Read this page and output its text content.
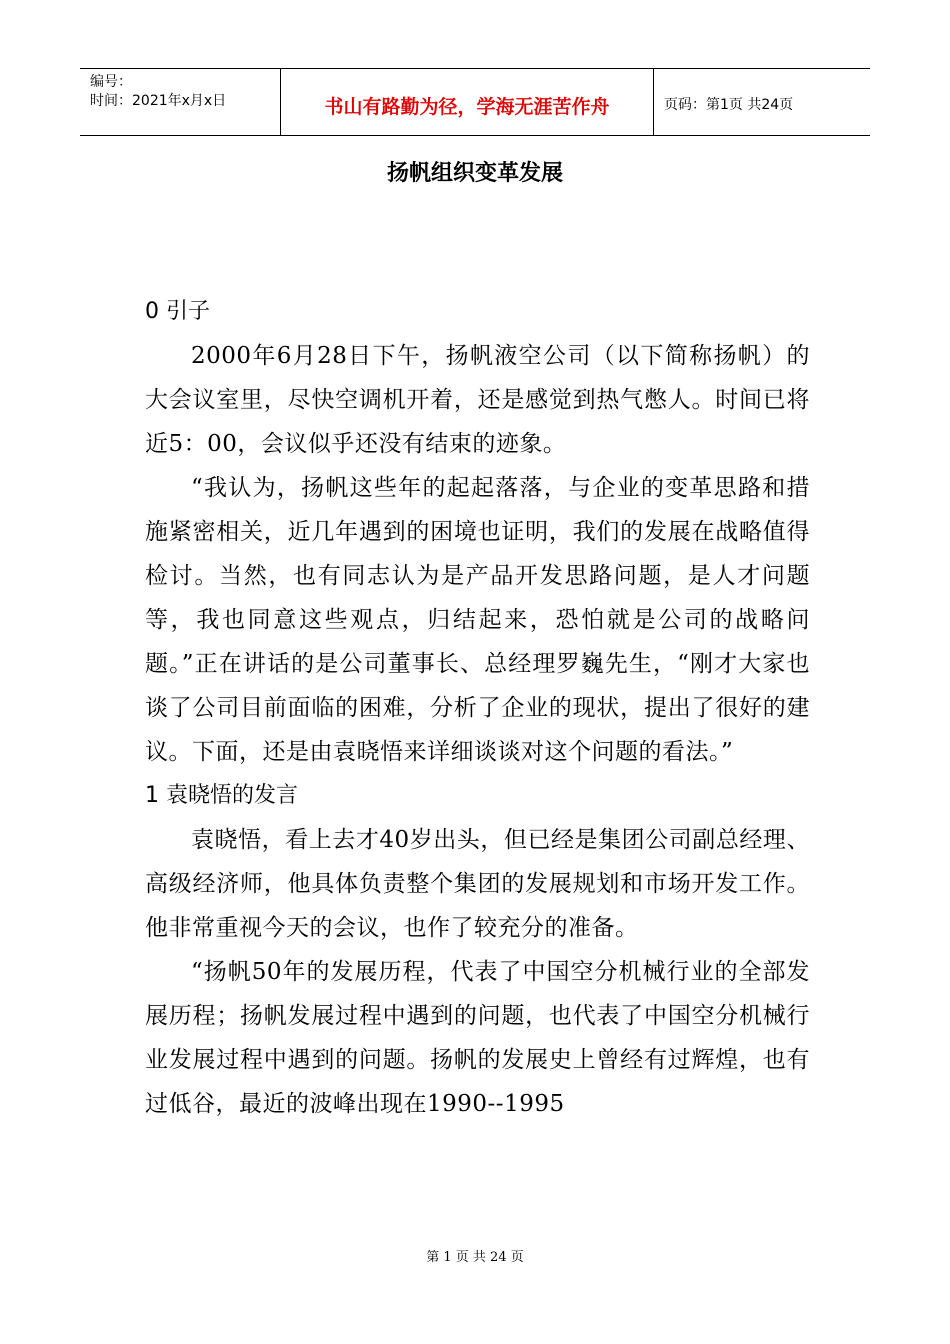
编号：
时间：2021年x月x日	书山有路勤为径，学海无涯苦作舟	页码：第1页 共24页
扬帆组织变革发展
0 引子

2000年6月28日下午，扬帆液空公司（以下简称扬帆）的大会议室里，尽快空调机开着，还是感觉到热气憋人。时间已将近5：00，会议似乎还没有结束的迹象。

“我认为，扬帆这些年的起起落落，与企业的变革思路和措施紧密相关，近几年遇到的困境也证明，我们的发展在战略值得检讨。当然，也有同志认为是产品开发思路问题，是人才问题等，我也同意这些观点，归结起来，恐怕就是公司的战略问题。”正在讲话的是公司董事长、总经理罗巍先生，“刚才大家也谈了公司目前面临的困难，分析了企业的现状，提出了很好的建议。下面，还是由袁晓悟来详细谈谈对这个问题的看法。”

1 袁晓悟的发言

袁晓悟，看上去才40岁出头，但已经是集团公司副总经理、高级经济师，他具体负责整个集团的发展规划和市场开发工作。他非常重视今天的会议，也作了较充分的准备。

“扬帆50年的发展历程，代表了中国空分机械行业的全部发展历程；扬帆发展过程中遇到的问题，也代表了中国空分机械行业发展过程中遇到的问题。扬帆的发展史上曾经有过辉煌，也有过低谷，最近的波峰出现在1990--1995

第 1 页 共 24 页
